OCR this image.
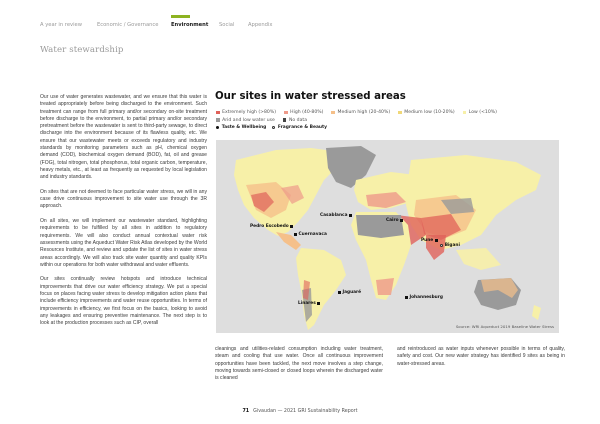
A year in review	Economic / Governance Environment Social	Appendix
Water stewardship

Our use of water generates wastewater, and we ensure that this water is treated appropriately before being discharged to the environment. Such treatment can range from full primary and/or secondary on-site treatment before discharge to the environment, to partial primary and/or secondary pretreatment before the wastewater is sent to third-party sewage, to direct discharge into the environment because of its flawless quality, etc. We ensure that our wastewater meets or exceeds regulatory and industry standards by monitoring parameters such as pH, chemical oxygen demand (COD), biochemical oxygen demand (BOD), fat, oil and grease (FOG), total nitrogen, total phosphorus, total organic carbon, temperature, heavy metals, etc., at least as frequently as requested by local legislation and industry standards.

On sites that are not deemed to face particular water stress, we will in any case drive continuous improvement to site water use through the 3R approach.

On all sites, we will implement our wastewater standard, highlighting requirements to be fulfilled by all sites in addition to regulatory requirements. We will also conduct annual contextual water risk assessments using the Aqueduct Water Risk Atlas developed by the World Resources Institute, and review and update the list of sites in water stress areas accordingly. We will also track site water quantity and quality KPIs within our operations for both water withdrawal and water effluents.

Our sites continually review hotspots and introduce technical improvements that drive our water efficiency strategy. We put a special focus on places facing water stress to develop mitigation action plans that include efficiency improvements and water reuse opportunities. In terms of improvements in efficiency, we first focus on the basics, looking to avoid any leakages and ensuring preventive maintenance. The next step is to look at the production processes such as CIP, overall

Our sites in water stressed areas
Extremely high (>80%)	High (40-80%)	Medium high (20-40%)	Medium low (10-20%)	Low (<10%)
Arid and low water use	No data
Taste & Wellbeing	Fragrance & Beauty
Casablanca
Cairo
Pedro Escobedo
Cuernavaca
Pune
Bigani
Jaguaré
Johannesburg
Linares
Source: WRI Aqueduct 2019 Baseline Water Stress
cleanings and utilities-related consumption including water treatment, steam and cooling that use water. Once all continuous improvement opportunities have been tackled, the next move involves a step change, moving towards semi-closed or closed loops wherein the discharged water is cleaned
and reintroduced as water inputs whenever possible in terms of quality, safety and cost. Our new water strategy has identified 9 sites as being in water-stressed areas.
71 Givaudan — 2021 GRI Sustainability Report
